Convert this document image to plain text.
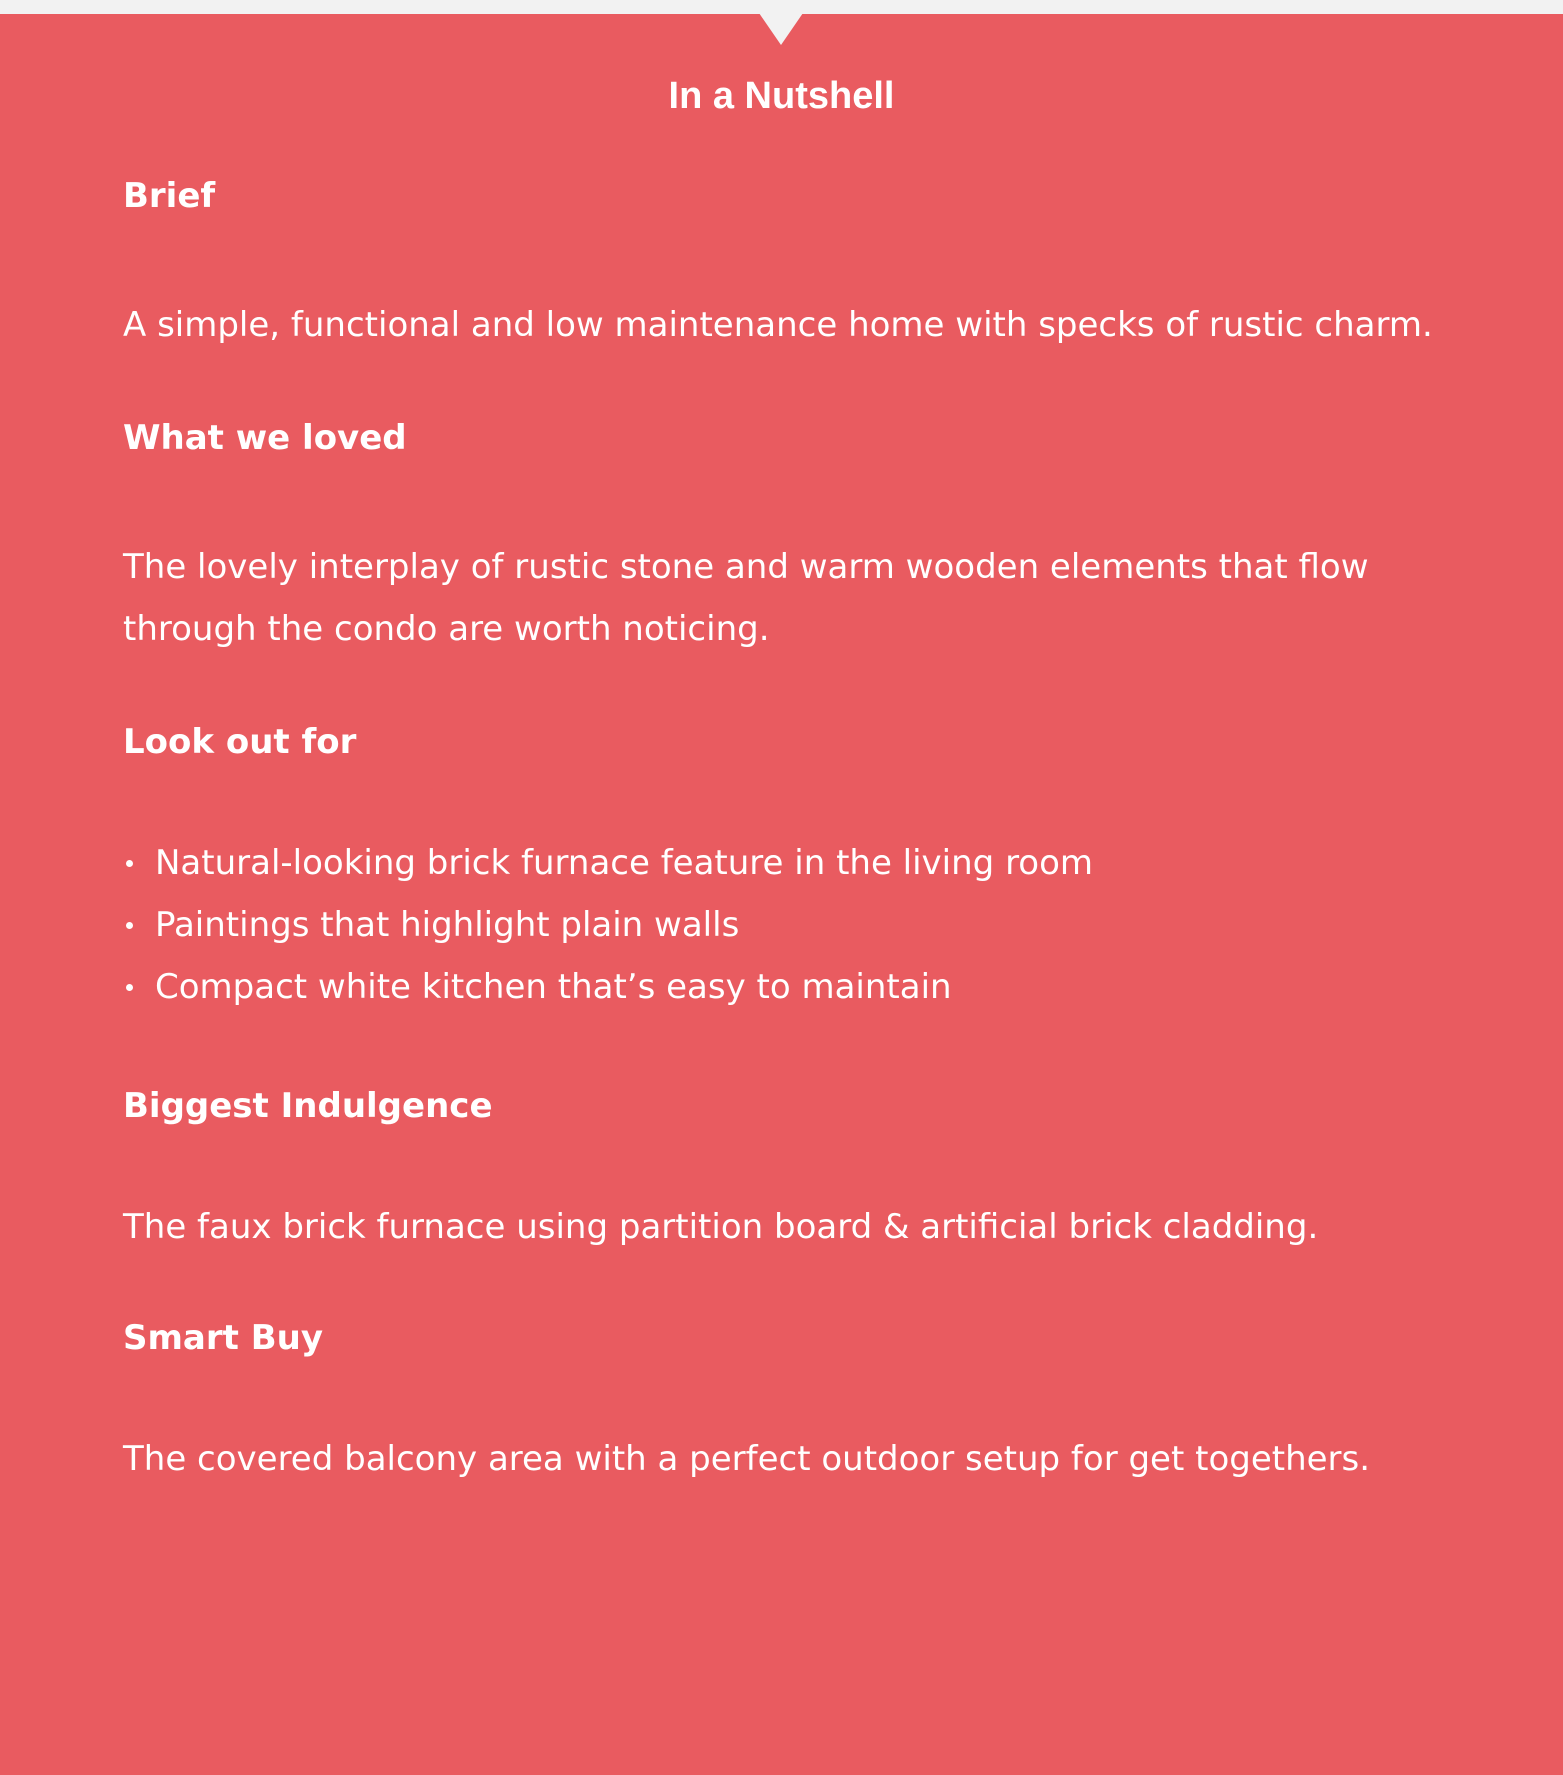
In a Nutshell
Brief

A simple, functional and low maintenance home with specks of rustic charm.

What we loved

The lovely interplay of rustic stone and warm wooden elements that flow through the condo are worth noticing.

Look out for
Natural-looking brick furnace feature in the living room
Paintings that highlight plain walls
Compact white kitchen that’s easy to maintain
Biggest Indulgence

The faux brick furnace using partition board & artificial brick cladding.

Smart Buy

The covered balcony area with a perfect outdoor setup for get togethers.
